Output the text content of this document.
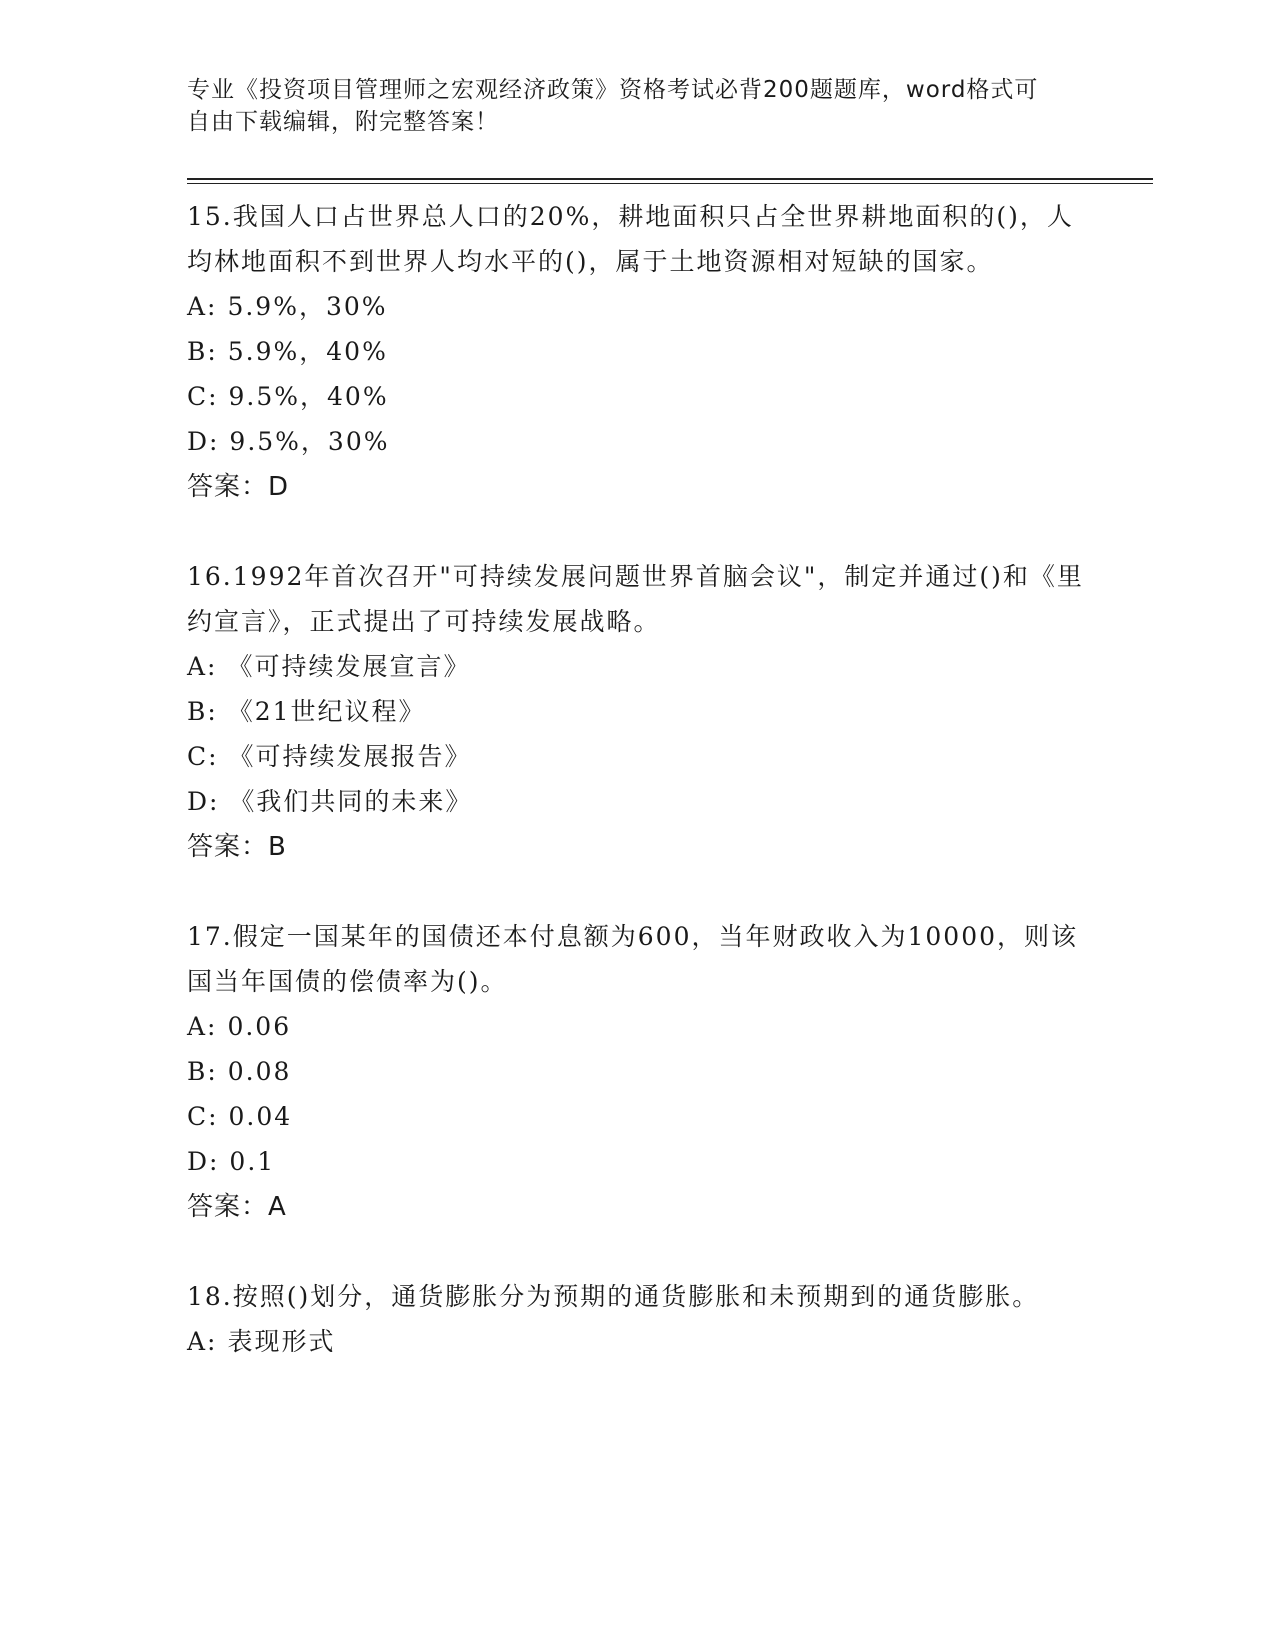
专业《投资项目管理师之宏观经济政策》资格考试必背200题题库，word格式可
自由下载编辑，附完整答案！

15.我国人口占世界总人口的20%，耕地面积只占全世界耕地面积的()，人均林地面积不到世界人均水平的()，属于土地资源相对短缺的国家。

A: 5.9%，30%

B: 5.9%，40%

C: 9.5%，40%

D: 9.5%，30%

答案：D

16.1992年首次召开"可持续发展问题世界首脑会议"，制定并通过()和《里约宣言》，正式提出了可持续发展战略。

A: 《可持续发展宣言》

B: 《21世纪议程》

C: 《可持续发展报告》

D: 《我们共同的未来》

答案：B

17.假定一国某年的国债还本付息额为600，当年财政收入为10000，则该国当年国债的偿债率为()。

A: 0.06

B: 0.08

C: 0.04

D: 0.1

答案：A

18.按照()划分，通货膨胀分为预期的通货膨胀和未预期到的通货膨胀。

A: 表现形式
